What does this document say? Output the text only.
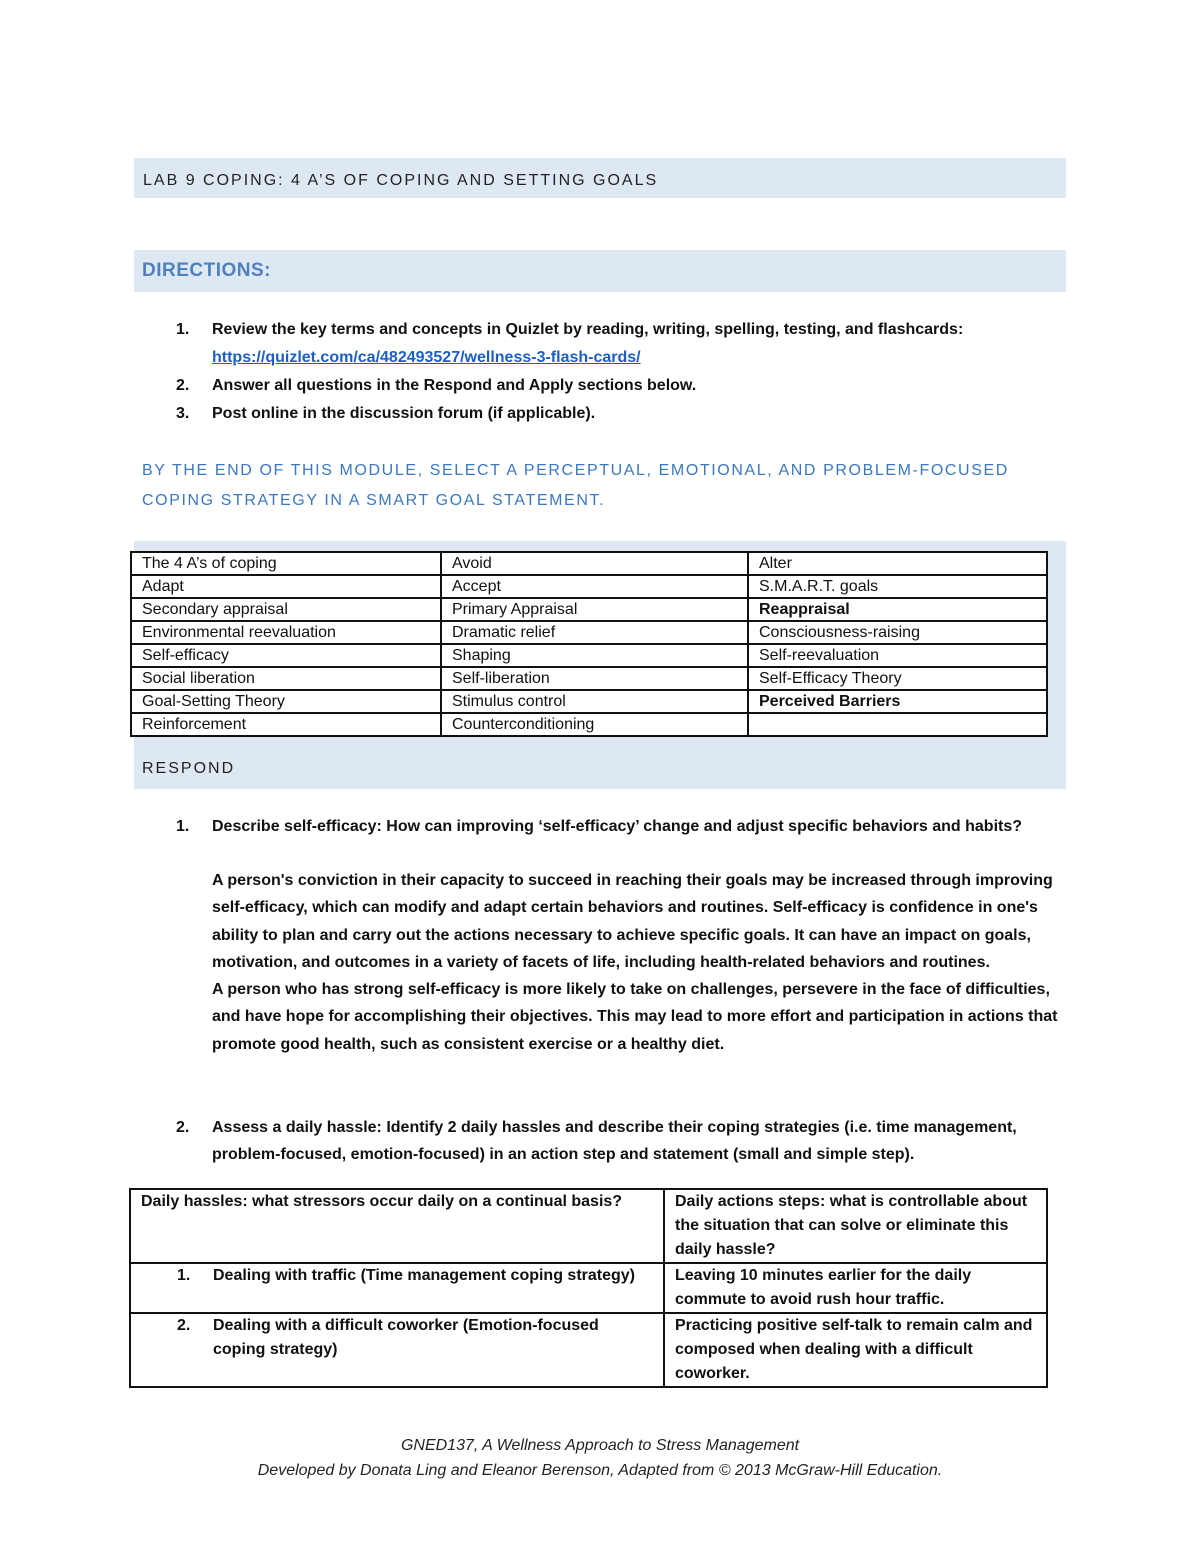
LAB 9 COPING: 4 A’S OF COPING AND SETTING GOALS
DIRECTIONS:
1. Review the key terms and concepts in Quizlet by reading, writing, spelling, testing, and flashcards:
https://quizlet.com/ca/482493527/wellness-3-flash-cards/
2. Answer all questions in the Respond and Apply sections below.
3. Post online in the discussion forum (if applicable).
BY THE END OF THIS MODULE, SELECT A PERCEPTUAL, EMOTIONAL, AND PROBLEM-FOCUSED
COPING STRATEGY IN A SMART GOAL STATEMENT.
The 4 A’s of coping	Avoid	Alter
Adapt	Accept	S.M.A.R.T. goals
Secondary appraisal	Primary Appraisal	Reappraisal
Environmental reevaluation	Dramatic relief	Consciousness-raising
Self-efficacy	Shaping	Self-reevaluation
Social liberation	Self-liberation	Self-Efficacy Theory
Goal-Setting Theory	Stimulus control	Perceived Barriers
Reinforcement	Counterconditioning	
RESPOND
1.	Describe self-efficacy: How can improving ‘self-efficacy’ change and adjust specific behaviors and habits?
A person's conviction in their capacity to succeed in reaching their goals may be increased through improving self-efficacy, which can modify and adapt certain behaviors and routines. Self-efficacy is confidence in one's ability to plan and carry out the actions necessary to achieve specific goals. It can have an impact on goals, motivation, and outcomes in a variety of facets of life, including health-related behaviors and routines.
A person who has strong self-efficacy is more likely to take on challenges, persevere in the face of difficulties, and have hope for accomplishing their objectives. This may lead to more effort and participation in actions that promote good health, such as consistent exercise or a healthy diet.
2.	Assess a daily hassle: Identify 2 daily hassles and describe their coping strategies (i.e. time management, problem-focused, emotion-focused) in an action step and statement (small and simple step).
Daily hassles: what stressors occur daily on a continual basis?	Daily actions steps: what is controllable about the situation that can solve or eliminate this daily hassle?

1. Dealing with traffic (Time management coping strategy)	Leaving 10 minutes earlier for the daily commute to avoid rush hour traffic.

2. Dealing with a difficult coworker (Emotion-focused coping strategy)	Practicing positive self-talk to remain calm and composed when dealing with a difficult coworker.
GNED137, A Wellness Approach to Stress Management
Developed by Donata Ling and Eleanor Berenson, Adapted from © 2013 McGraw-Hill Education.
